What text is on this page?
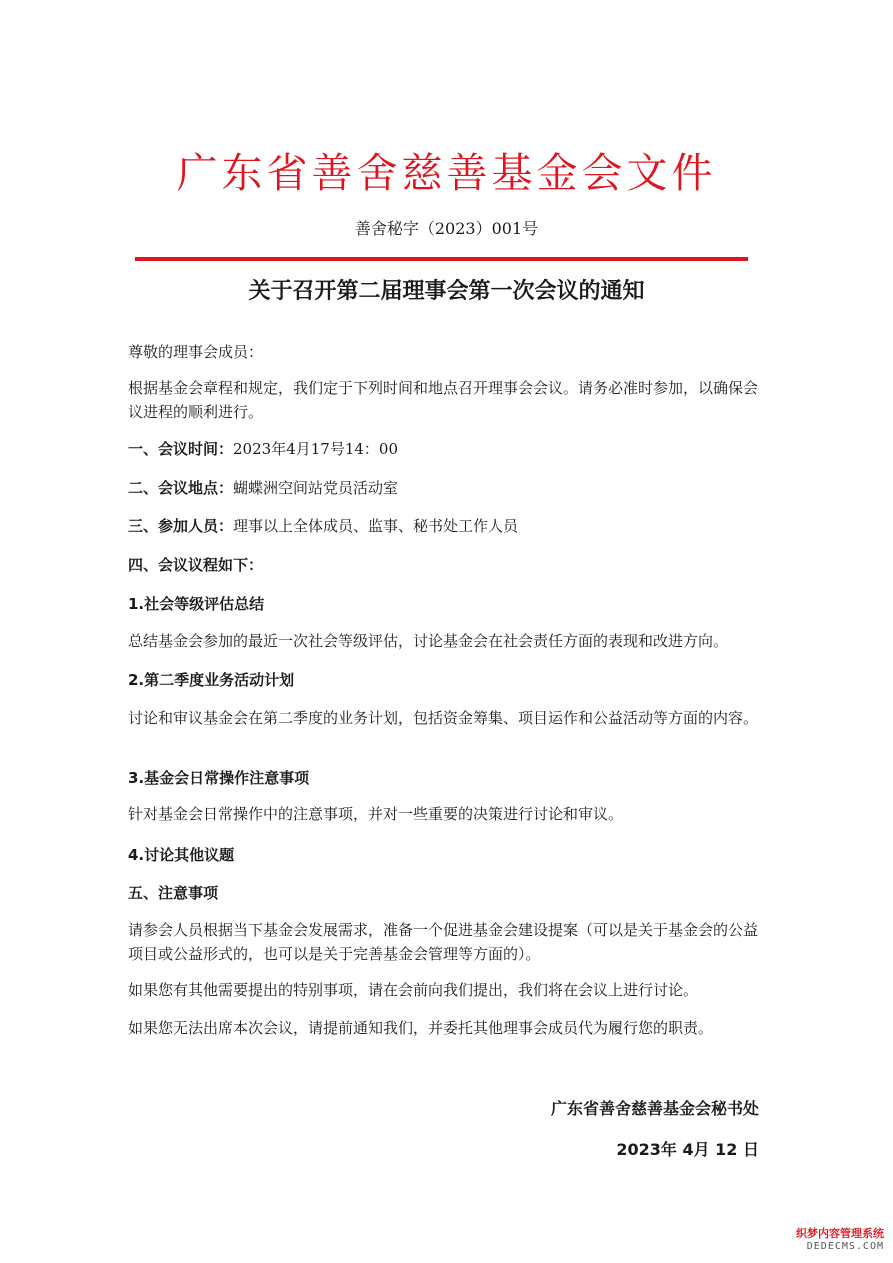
广东省善舍慈善基金会文件
善舍秘字（2023）001号
关于召开第二届理事会第一次会议的通知
尊敬的理事会成员：
根据基金会章程和规定，我们定于下列时间和地点召开理事会会议。请务必准时参加，以确保会议进程的顺利进行。
一、会议时间：2023年4月17号14：00
二、会议地点：蝴蝶洲空间站党员活动室
三、参加人员：理事以上全体成员、监事、秘书处工作人员
四、会议议程如下：
1.社会等级评估总结
总结基金会参加的最近一次社会等级评估，讨论基金会在社会责任方面的表现和改进方向。
2.第二季度业务活动计划
讨论和审议基金会在第二季度的业务计划，包括资金筹集、项目运作和公益活动等方面的内容。
3.基金会日常操作注意事项
针对基金会日常操作中的注意事项，并对一些重要的决策进行讨论和审议。
4.讨论其他议题
五、注意事项
请参会人员根据当下基金会发展需求，准备一个促进基金会建设提案（可以是关于基金会的公益项目或公益形式的，也可以是关于完善基金会管理等方面的）。
如果您有其他需要提出的特别事项，请在会前向我们提出，我们将在会议上进行讨论。
如果您无法出席本次会议，请提前通知我们，并委托其他理事会成员代为履行您的职责。
广东省善舍慈善基金会秘书处
2023年 4月 12 日
织梦内容管理系统
DEDECMS.COM
